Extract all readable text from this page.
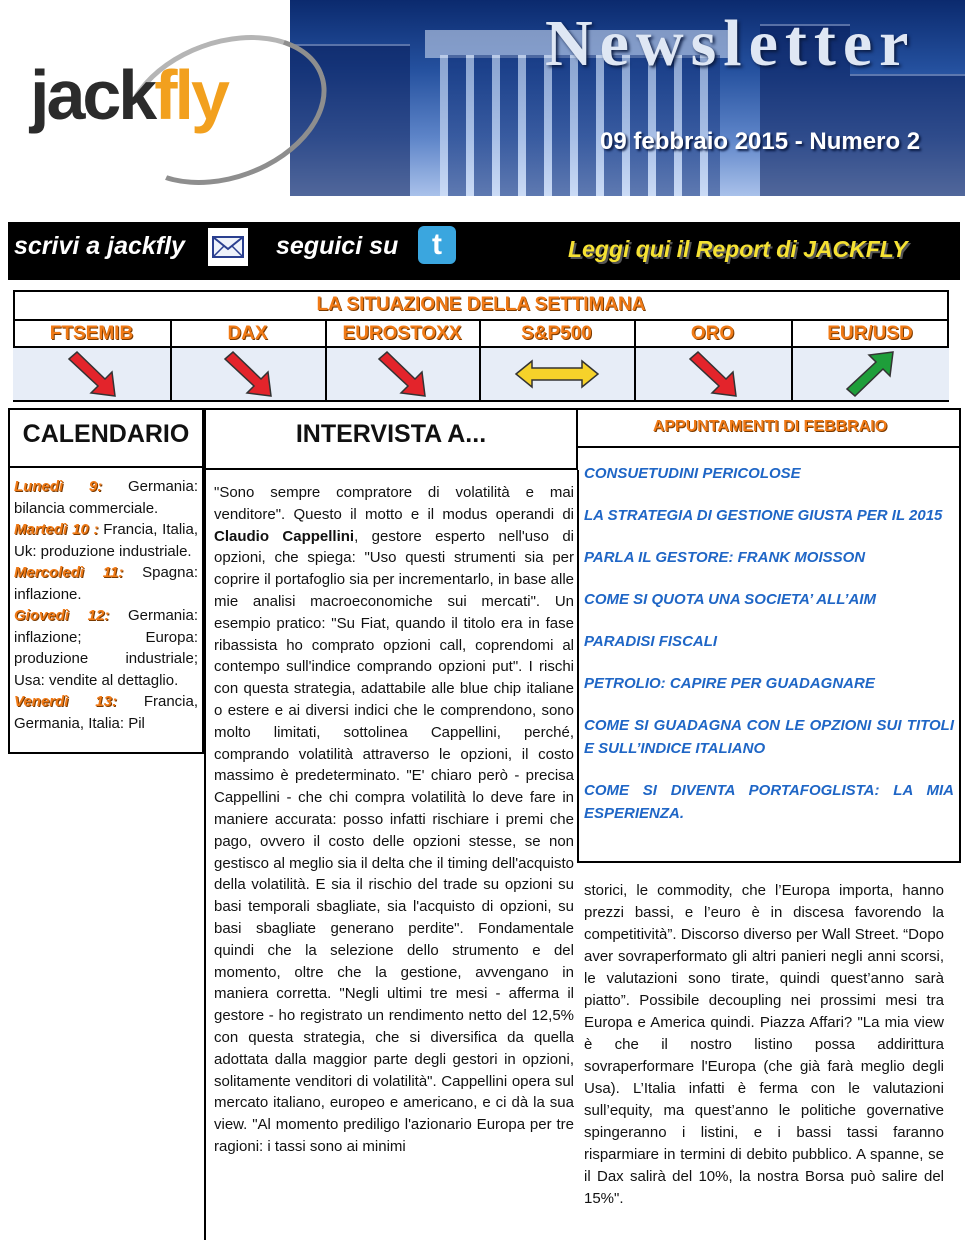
Newsletter
09 febbraio 2015 - Numero 2
jackfly
scrivi a jackfly	seguici su	t	Leggi qui il Report di JACKFLY
LA SITUAZIONE DELLA SETTIMANA
FTSEMIB	DAX	EUROSTOXX	S&P500	ORO	EUR/USD
CALENDARIO	INTERVISTA A...	APPUNTAMENTI DI FEBBRAIO

Lunedì 9: Germania: bilancia commerciale.

Martedì 10 : Francia, Italia, Uk: produzione industriale.

Mercoledì 11: Spagna: inflazione.

Giovedì 12: Germania: inflazione; Europa: produzione industriale; Usa: vendite al dettaglio.

Venerdì 13: Francia, Germania, Italia: Pil

"Sono sempre compratore di volatilità e mai venditore". Questo il motto e il modus operandi di Claudio Cappellini, gestore esperto nell'uso di opzioni, che spiega: "Uso questi strumenti sia per coprire il portafoglio sia per incrementarlo, in base alle mie analisi macroeconomiche sui mercati". Un esempio pratico: "Su Fiat, quando il titolo era in fase ribassista ho comprato opzioni call, coprendomi al contempo sull'indice comprando opzioni put". I rischi con questa strategia, adattabile alle blue chip italiane o estere e ai diversi indici che le comprendono, sono molto limitati, sottolinea Cappellini, perché, comprando volatilità attraverso le opzioni, il costo massimo è predeterminato. "E' chiaro però - precisa Cappellini - che chi compra volatilità lo deve fare in maniere accurata: posso infatti rischiare i premi che pago, ovvero il costo delle opzioni stesse, se non gestisco al meglio sia il delta che il timing dell'acquisto della volatilità. E sia il rischio del trade su opzioni su basi temporali sbagliate, sia l'acquisto di opzioni, su basi sbagliate generano perdite". Fondamentale quindi che la selezione dello strumento e del momento, oltre che la gestione, avvengano in maniera corretta. "Negli ultimi tre mesi - afferma il gestore - ho registrato un rendimento netto del 12,5% con questa strategia, che si diversifica da quella adottata dalla maggior parte degli gestori in opzioni, solitamente venditori di volatilità". Cappellini opera sul mercato italiano, europeo e americano, e ci dà la sua view. "Al momento prediligo l'azionario Europa per tre ragioni: i tassi sono ai minimi

CONSUETUDINI PERICOLOSE

LA STRATEGIA DI GESTIONE GIUSTA PER IL 2015

PARLA IL GESTORE: FRANK MOISSON

COME SI QUOTA UNA SOCIETA’ ALL’AIM

PARADISI FISCALI

PETROLIO: CAPIRE PER GUADAGNARE

COME SI GUADAGNA CON LE OPZIONI SUI TITOLI E SULL’INDICE ITALIANO

COME SI DIVENTA PORTAFOGLISTA: LA MIA ESPERIENZA.

storici, le commodity, che l’Europa importa, hanno prezzi bassi, e l’euro è in discesa favorendo la competitività”. Discorso diverso per Wall Street. “Dopo aver sovraperformato gli altri panieri negli anni scorsi, le valutazioni sono tirate, quindi quest’anno sarà piatto”. Possibile decoupling nei prossimi mesi tra Europa e America quindi. Piazza Affari? "La mia view è che il nostro listino possa addirittura sovraperformare l'Europa (che già farà meglio degli Usa). L’Italia infatti è ferma con le valutazioni sull’equity, ma quest’anno le politiche governative spingeranno i listini, e i bassi tassi faranno risparmiare in termini di debito pubblico. A spanne, se il Dax salirà del 10%, la nostra Borsa può salire del 15%".
